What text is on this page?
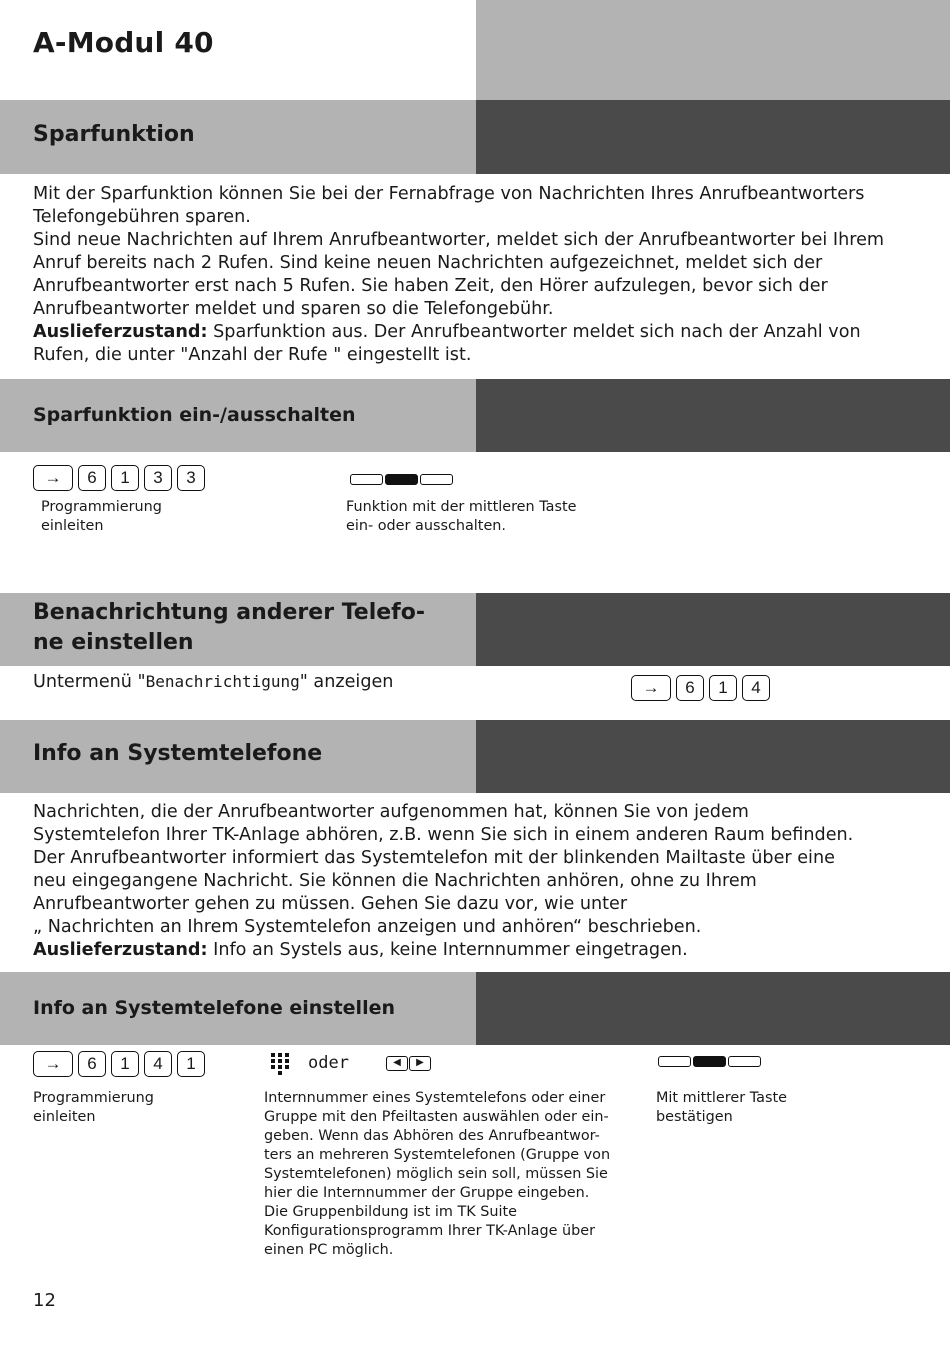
A-Modul 40
Sparfunktion

Mit der Sparfunktion können Sie bei der Fernabfrage von Nachrichten Ihres Anrufbeantworters

Telefongebühren sparen.

Sind neue Nachrichten auf Ihrem Anrufbeantworter, meldet sich der Anrufbeantworter bei Ihrem

Anruf bereits nach 2 Rufen. Sind keine neuen Nachrichten aufgezeichnet, meldet sich der

Anrufbeantworter erst nach 5 Rufen. Sie haben Zeit, den Hörer aufzulegen, bevor sich der

Anrufbeantworter meldet und sparen so die Telefongebühr.

Auslieferzustand: Sparfunktion aus. Der Anrufbeantworter meldet sich nach der Anzahl von

Rufen, die unter "Anzahl der Rufe " eingestellt ist.

Sparfunktion ein-/ausschalten
→	6	1	3	3
Programmierung
einleiten
Funktion mit der mittleren Taste
ein- oder ausschalten.
Benachrichtung anderer Telefo-
ne einstellen
Untermenü "Benachrichtigung" anzeigen	→	6	1	4
Info an Systemtelefone

Nachrichten, die der Anrufbeantworter aufgenommen hat, können Sie von jedem

Systemtelefon Ihrer TK-Anlage abhören, z.B. wenn Sie sich in einem anderen Raum befinden.

Der Anrufbeantworter informiert das Systemtelefon mit der blinkenden Mailtaste über eine

neu eingegangene Nachricht. Sie können die Nachrichten anhören, ohne zu Ihrem

Anrufbeantworter gehen zu müssen. Gehen Sie dazu vor, wie unter

„ Nachrichten an Ihrem Systemtelefon anzeigen und anhören“ beschrieben.

Auslieferzustand: Info an Systels aus, keine Internnummer eingetragen.

Info an Systemtelefone einstellen
→	6	1	4	1	oder	◀	▶
Programmierung
einleiten
Internnummer eines Systemtelefons oder einer
Gruppe mit den Pfeiltasten auswählen oder ein-
geben. Wenn das Abhören des Anrufbeantwor-
ters an mehreren Systemtelefonen (Gruppe von
Systemtelefonen) möglich sein soll, müssen Sie
hier die Internnummer der Gruppe eingeben.
Die Gruppenbildung ist im TK Suite
Konfigurationsprogramm Ihrer TK-Anlage über
einen PC möglich.
Mit mittlerer Taste
bestätigen
12
